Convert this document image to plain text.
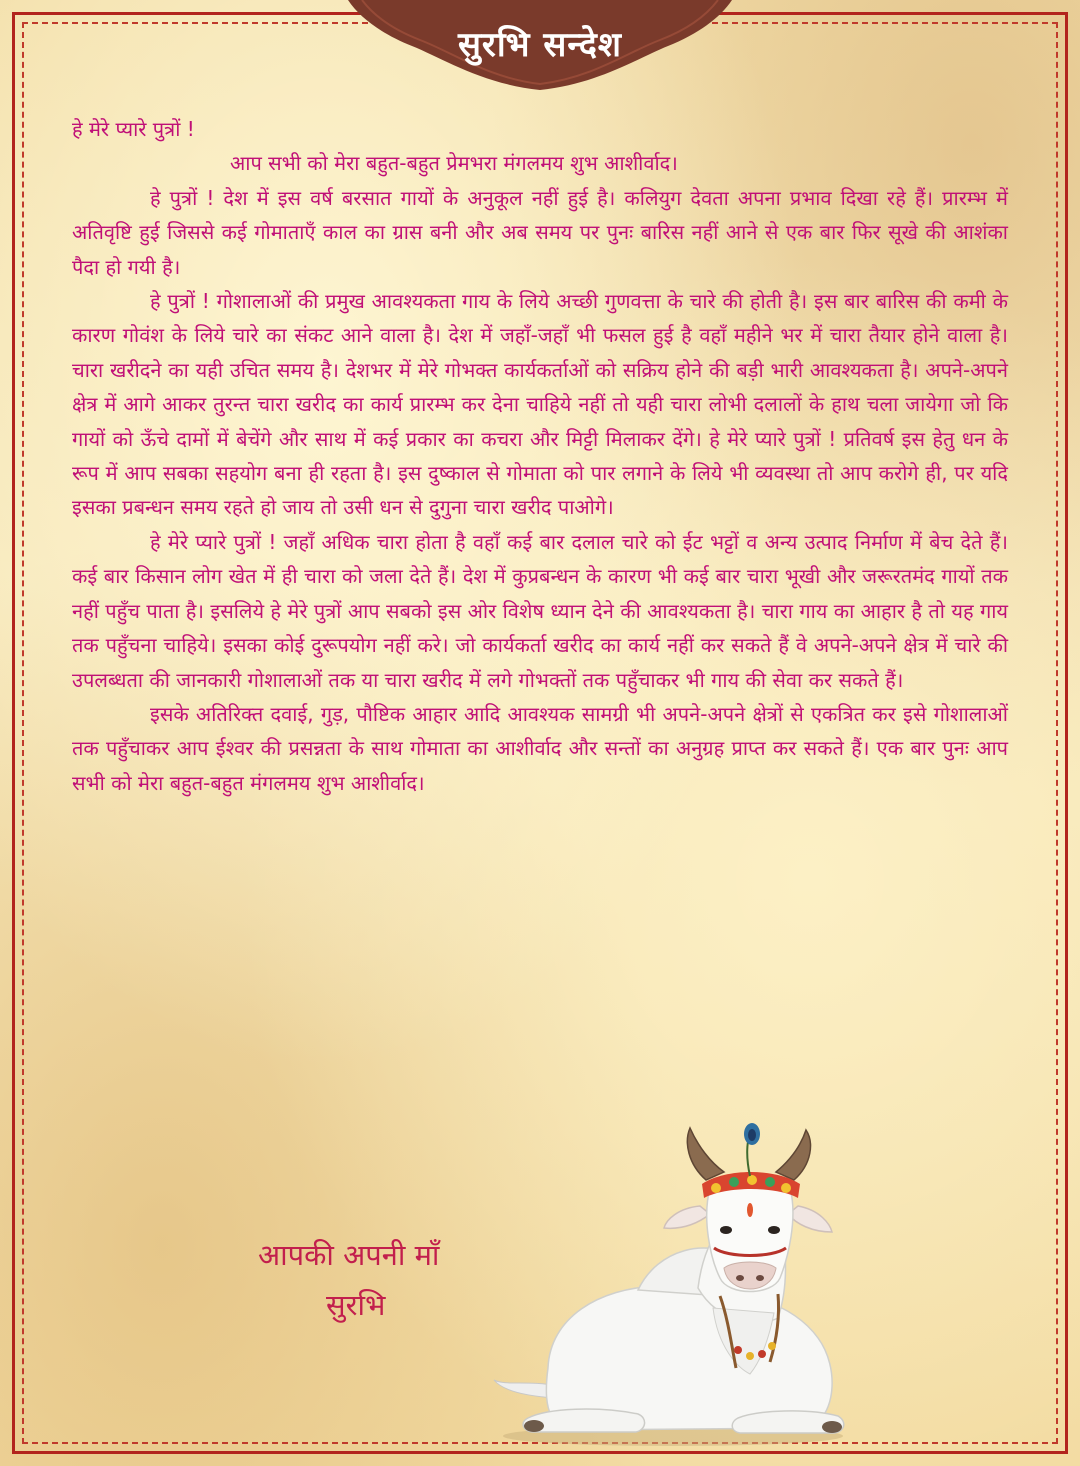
सुरभि सन्देश

हे मेरे प्यारे पुत्रों !

आप सभी को मेरा बहुत-बहुत प्रेमभरा मंगलमय शुभ आशीर्वाद।

हे पुत्रों ! देश में इस वर्ष बरसात गायों के अनुकूल नहीं हुई है। कलियुग देवता अपना प्रभाव दिखा रहे हैं। प्रारम्भ में अतिवृष्टि हुई जिससे कई गोमाताएँ काल का ग्रास बनी और अब समय पर पुनः बारिस नहीं आने से एक बार फिर सूखे की आशंका पैदा हो गयी है।

हे पुत्रों ! गोशालाओं की प्रमुख आवश्यकता गाय के लिये अच्छी गुणवत्ता के चारे की होती है। इस बार बारिस की कमी के कारण गोवंश के लिये चारे का संकट आने वाला है। देश में जहाँ-जहाँ भी फसल हुई है वहाँ महीने भर में चारा तैयार होने वाला है। चारा खरीदने का यही उचित समय है। देशभर में मेरे गोभक्त कार्यकर्ताओं को सक्रिय होने की बड़ी भारी आवश्यकता है। अपने-अपने क्षेत्र में आगे आकर तुरन्त चारा खरीद का कार्य प्रारम्भ कर देना चाहिये नहीं तो यही चारा लोभी दलालों के हाथ चला जायेगा जो कि गायों को ऊँचे दामों में बेचेंगे और साथ में कई प्रकार का कचरा और मिट्टी मिलाकर देंगे। हे मेरे प्यारे पुत्रों ! प्रतिवर्ष इस हेतु धन के रूप में आप सबका सहयोग बना ही रहता है। इस दुष्काल से गोमाता को पार लगाने के लिये भी व्यवस्था तो आप करोगे ही, पर यदि इसका प्रबन्धन समय रहते हो जाय तो उसी धन से दुगुना चारा खरीद पाओगे।

हे मेरे प्यारे पुत्रों ! जहाँ अधिक चारा होता है वहाँ कई बार दलाल चारे को ईट भट्टों व अन्य उत्पाद निर्माण में बेच देते हैं। कई बार किसान लोग खेत में ही चारा को जला देते हैं। देश में कुप्रबन्धन के कारण भी कई बार चारा भूखी और जरूरतमंद गायों तक नहीं पहुँच पाता है। इसलिये हे मेरे पुत्रों आप सबको इस ओर विशेष ध्यान देने की आवश्यकता है। चारा गाय का आहार है तो यह गाय तक पहुँचना चाहिये। इसका कोई दुरूपयोग नहीं करे। जो कार्यकर्ता खरीद का कार्य नहीं कर सकते हैं वे अपने-अपने क्षेत्र में चारे की उपलब्धता की जानकारी गोशालाओं तक या चारा खरीद में लगे गोभक्तों तक पहुँचाकर भी गाय की सेवा कर सकते हैं।

इसके अतिरिक्त दवाई, गुड़, पौष्टिक आहार आदि आवश्यक सामग्री भी अपने-अपने क्षेत्रों से एकत्रित कर इसे गोशालाओं तक पहुँचाकर आप ईश्वर की प्रसन्नता के साथ गोमाता का आशीर्वाद और सन्तों का अनुग्रह प्राप्त कर सकते हैं। एक बार पुनः आप सभी को मेरा बहुत-बहुत मंगलमय शुभ आशीर्वाद।

आपकी अपनी माँ
सुरभि
